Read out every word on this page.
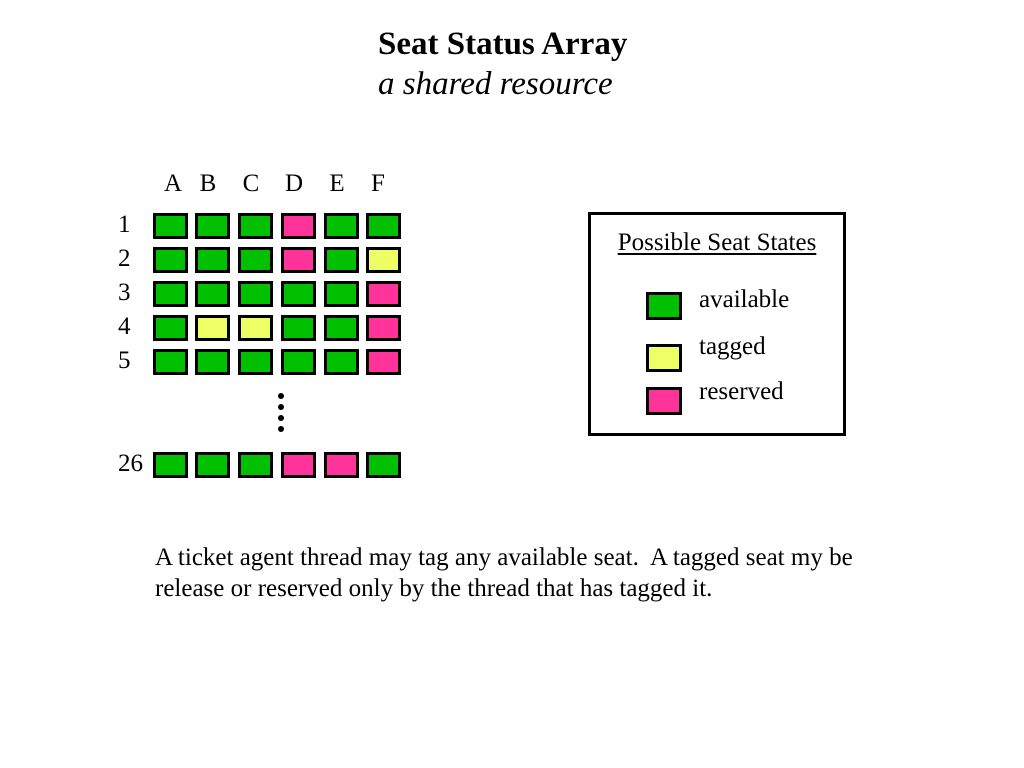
Seat Status Array
a shared resource
A B C D E	F
1
2
3
4
5
26
Possible Seat States
available
tagged
reserved
A ticket agent thread may tag any available seat.  A tagged seat my be
release or reserved only by the thread that has tagged it.
